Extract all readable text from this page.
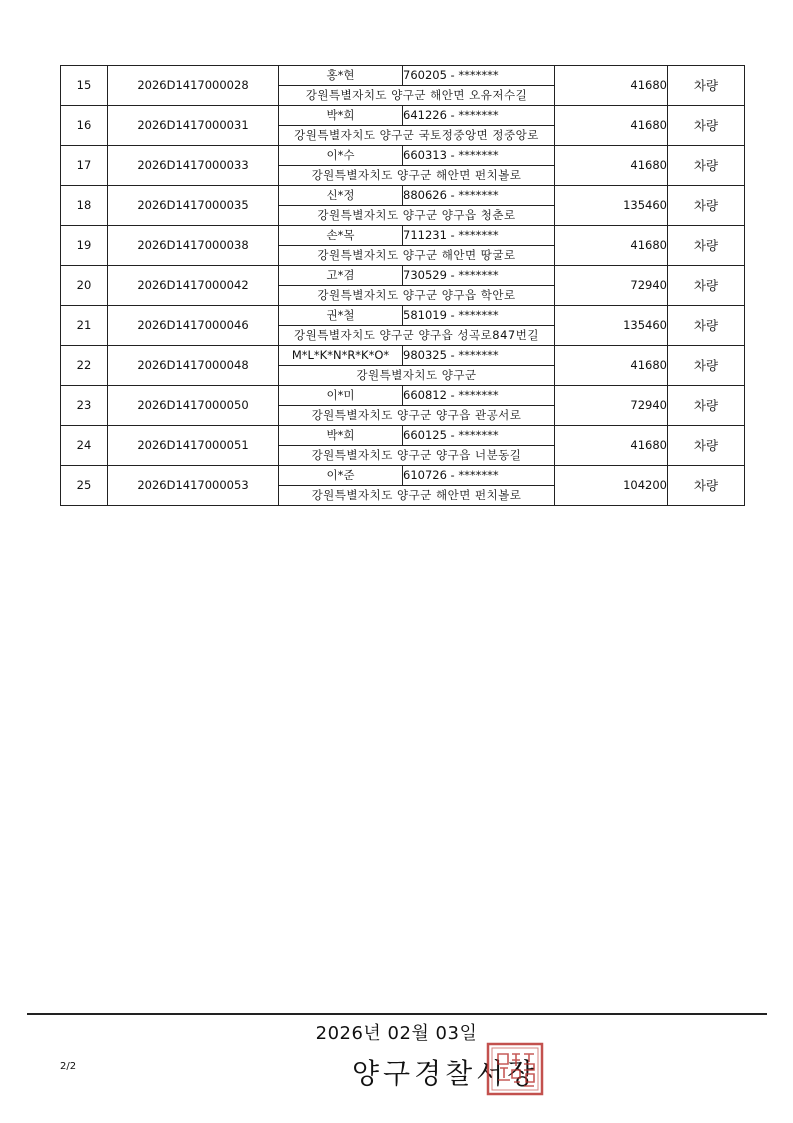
15	2026D1417000028	홍*현	760205 - *******	41680	차량
		강원특별자치도 양구군 해안면 오유저수길			
16	2026D1417000031	박*희	641226 - *******	41680	차량
		강원특별자치도 양구군 국토정중앙면 정중앙로			
17	2026D1417000033	이*수	660313 - *******	41680	차량
		강원특별자치도 양구군 해안면 펀치볼로			
18	2026D1417000035	신*정	880626 - *******	135460	차량
		강원특별자치도 양구군 양구읍 청춘로			
19	2026D1417000038	손*목	711231 - *******	41680	차량
		강원특별자치도 양구군 해안면 땅굴로			
20	2026D1417000042	고*겸	730529 - *******	72940	차량
		강원특별자치도 양구군 양구읍 학안로			
21	2026D1417000046	권*철	581019 - *******	135460	차량
		강원특별자치도 양구군 양구읍 성곡로847번길			
22	2026D1417000048	M*L*K*N*R*K*O*	980325 - *******	41680	차량
		강원특별자치도 양구군			
23	2026D1417000050	이*미	660812 - *******	72940	차량
		강원특별자치도 양구군 양구읍 관공서로			
24	2026D1417000051	박*희	660125 - *******	41680	차량
		강원특별자치도 양구군 양구읍 너분동길			
25	2026D1417000053	이*준	610726 - *******	104200	차량
		강원특별자치도 양구군 해안면 펀치볼로			
2026년 02월 03일
2/2	양구경찰서장
